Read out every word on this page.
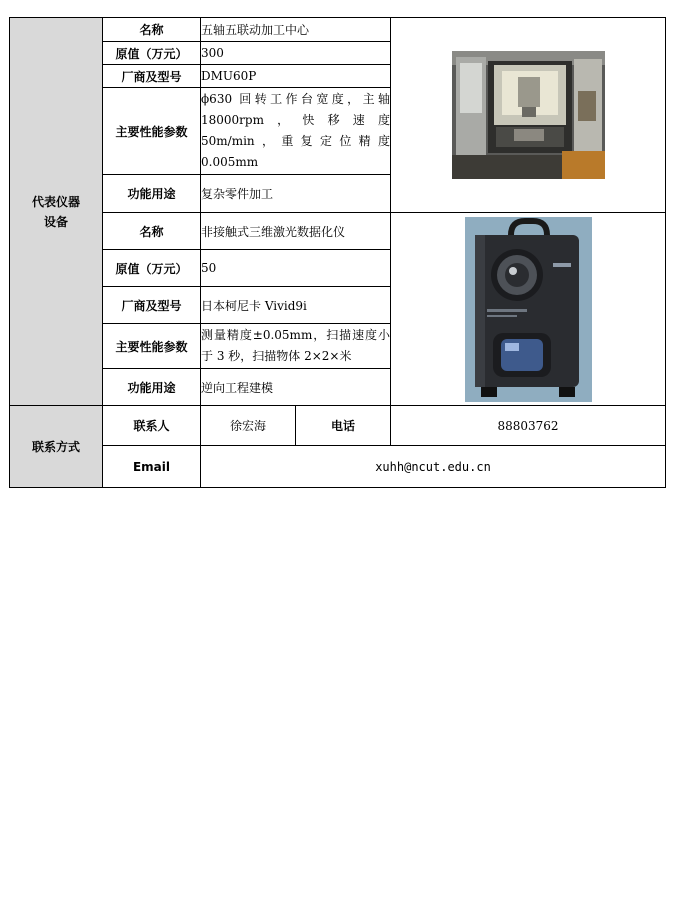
代表仪器
设备	名称	五轴五联动加工中心	
	原值（万元）	300		
	厂商及型号	DMU60P		
	主要性能参数	ϕ630 回转工作台宽度，主轴18000rpm，快移速度 50m/min，重复定位精度 0.005mm		
	功能用途	复杂零件加工		
	名称	非接触式三维激光数据化仪	
	原值（万元）	50		
	厂商及型号	日本柯尼卡 Vivid9i		
	主要性能参数	测量精度±0.05mm，扫描速度小于 3 秒，扫描物体 2×2×米		
	功能用途	逆向工程建模		
联系方式	联系人	徐宏海	电话	88803762
	Email	xuhh@ncut.edu.cn		
